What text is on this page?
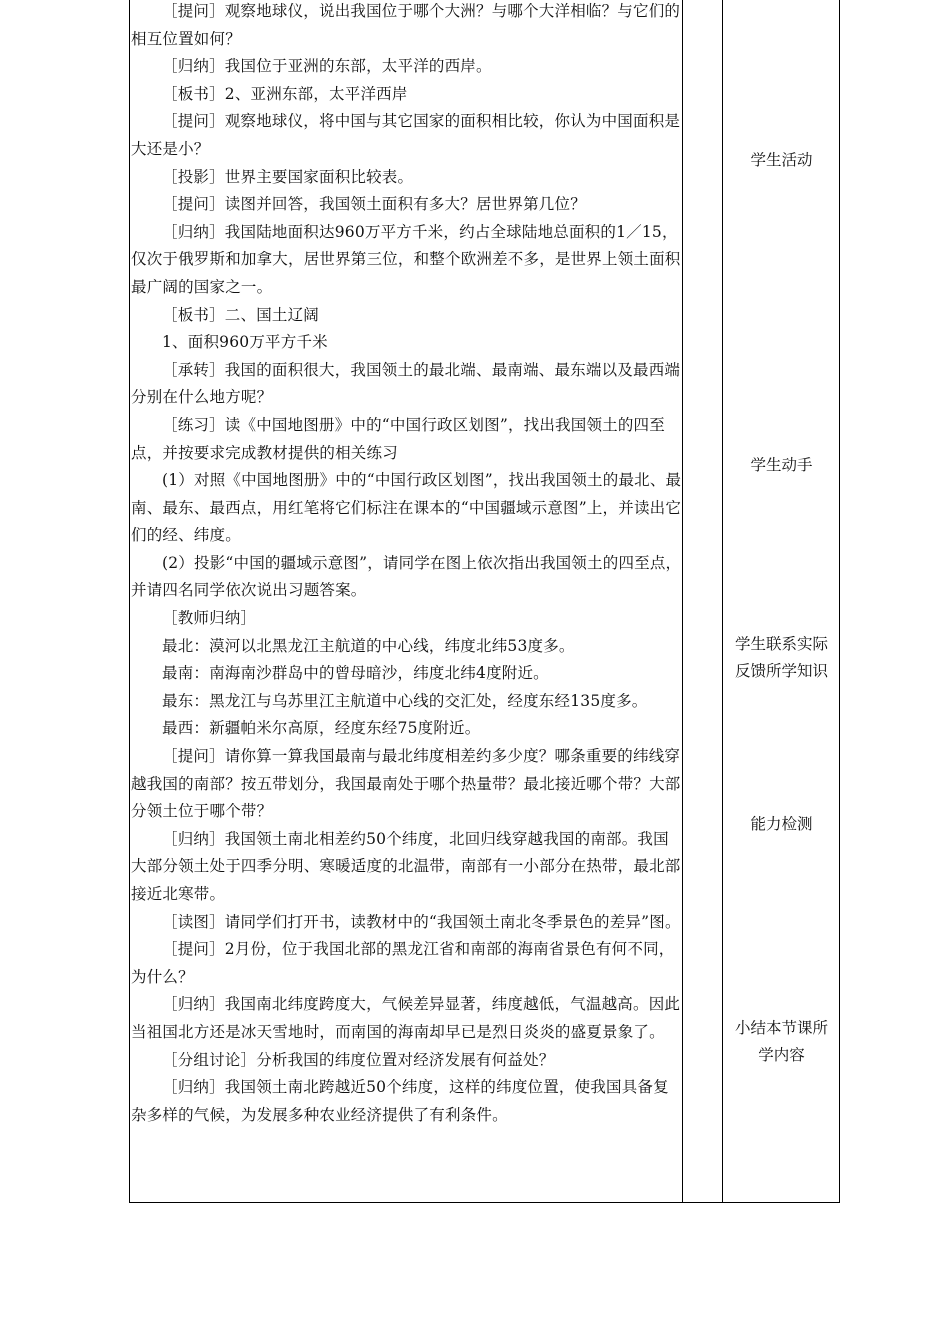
［提问］观察地球仪，说出我国位于哪个大洲？与哪个大洋相临？与它们的相互位置如何？

［归纳］我国位于亚洲的东部，太平洋的西岸。

［板书］2、亚洲东部，太平洋西岸

［提问］观察地球仪，将中国与其它国家的面积相比较，你认为中国面积是大还是小？

［投影］世界主要国家面积比较表。

［提问］读图并回答，我国领土面积有多大？居世界第几位？

［归纳］我国陆地面积达960万平方千米，约占全球陆地总面积的1／15，仅次于俄罗斯和加拿大，居世界第三位，和整个欧洲差不多，是世界上领土面积最广阔的国家之一。

［板书］二、国土辽阔

1、面积960万平方千米

［承转］我国的面积很大，我国领土的最北端、最南端、最东端以及最西端分别在什么地方呢？

［练习］读《中国地图册》中的“中国行政区划图”，找出我国领土的四至点，并按要求完成教材提供的相关练习

(1）对照《中国地图册》中的“中国行政区划图”，找出我国领土的最北、最南、最东、最西点，用红笔将它们标注在课本的“中国疆域示意图”上，并读出它们的经、纬度。

(2）投影“中国的疆域示意图”，请同学在图上依次指出我国领土的四至点，并请四名同学依次说出习题答案。

［教师归纳］

最北：漠河以北黑龙江主航道的中心线，纬度北纬53度多。

最南：南海南沙群岛中的曾母暗沙，纬度北纬4度附近。

最东：黑龙江与乌苏里江主航道中心线的交汇处，经度东经135度多。

最西：新疆帕米尔高原，经度东经75度附近。

［提问］请你算一算我国最南与最北纬度相差约多少度？哪条重要的纬线穿越我国的南部？按五带划分，我国最南处于哪个热量带？最北接近哪个带？大部分领土位于哪个带？

［归纳］我国领土南北相差约50个纬度，北回归线穿越我国的南部。我国大部分领土处于四季分明、寒暖适度的北温带，南部有一小部分在热带，最北部接近北寒带。

［读图］请同学们打开书，读教材中的“我国领土南北冬季景色的差异”图。

［提问］2月份，位于我国北部的黑龙江省和南部的海南省景色有何不同，为什么？

［归纳］我国南北纬度跨度大，气候差异显著，纬度越低，气温越高。因此当祖国北方还是冰天雪地时，而南国的海南却早已是烈日炎炎的盛夏景象了。

［分组讨论］分析我国的纬度位置对经济发展有何益处？

［归纳］我国领土南北跨越近50个纬度，这样的纬度位置，使我国具备复杂多样的气候，为发展多种农业经济提供了有利条件。

学生活动
学生动手
学生联系实际反馈所学知识
能力检测
小结本节课所学内容
